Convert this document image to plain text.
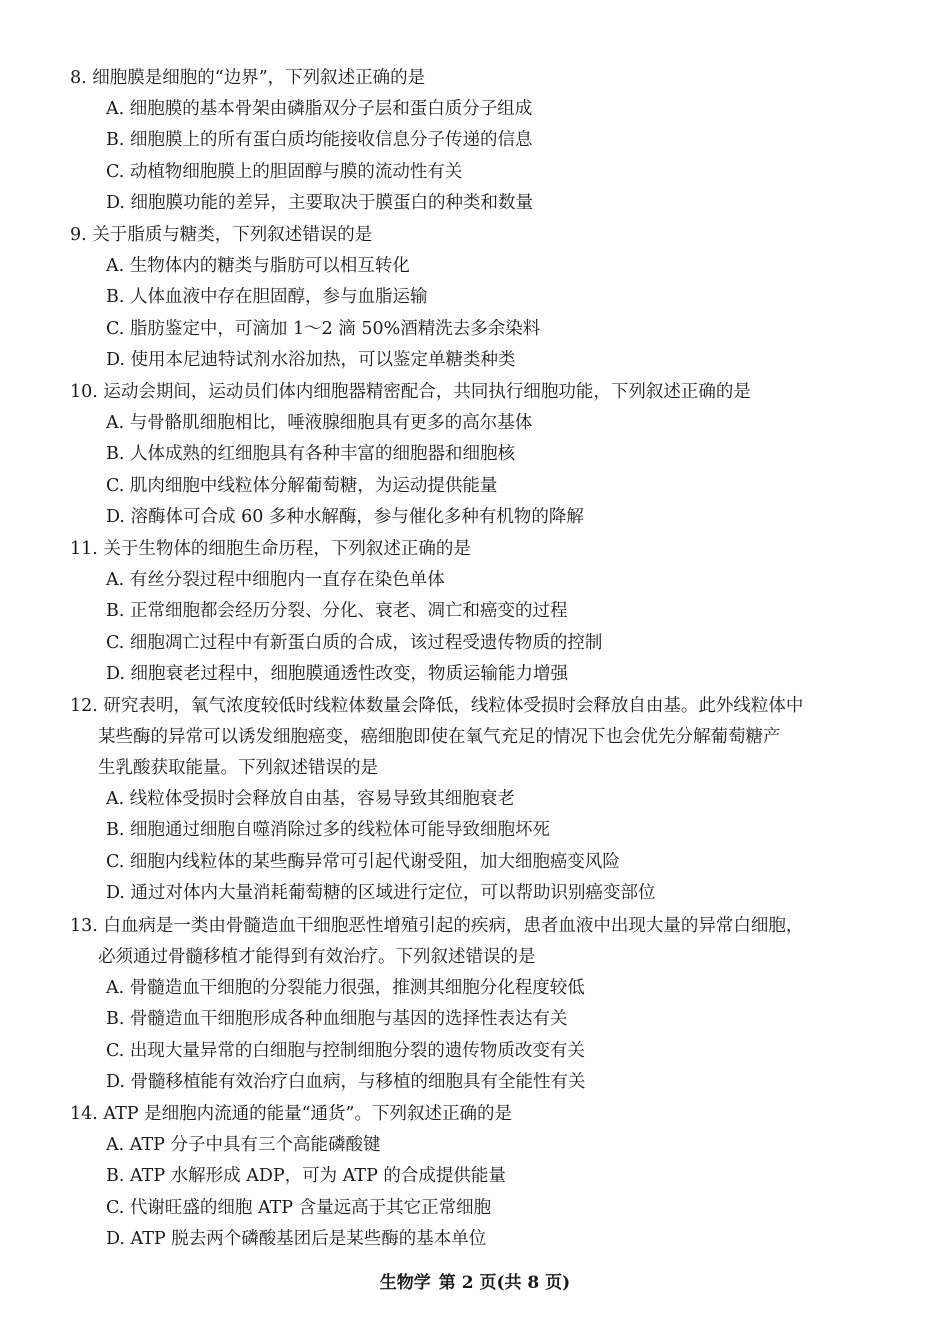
8. 细胞膜是细胞的“边界”，下列叙述正确的是

A. 细胞膜的基本骨架由磷脂双分子层和蛋白质分子组成

B. 细胞膜上的所有蛋白质均能接收信息分子传递的信息

C. 动植物细胞膜上的胆固醇与膜的流动性有关

D. 细胞膜功能的差异，主要取决于膜蛋白的种类和数量

9. 关于脂质与糖类，下列叙述错误的是

A. 生物体内的糖类与脂肪可以相互转化

B. 人体血液中存在胆固醇，参与血脂运输

C. 脂肪鉴定中，可滴加 1～2 滴 50%酒精洗去多余染料

D. 使用本尼迪特试剂水浴加热，可以鉴定单糖类种类

10. 运动会期间，运动员们体内细胞器精密配合，共同执行细胞功能，下列叙述正确的是

A. 与骨骼肌细胞相比，唾液腺细胞具有更多的高尔基体

B. 人体成熟的红细胞具有各种丰富的细胞器和细胞核

C. 肌肉细胞中线粒体分解葡萄糖，为运动提供能量

D. 溶酶体可合成 60 多种水解酶，参与催化多种有机物的降解

11. 关于生物体的细胞生命历程，下列叙述正确的是

A. 有丝分裂过程中细胞内一直存在染色单体

B. 正常细胞都会经历分裂、分化、衰老、凋亡和癌变的过程

C. 细胞凋亡过程中有新蛋白质的合成，该过程受遗传物质的控制

D. 细胞衰老过程中，细胞膜通透性改变，物质运输能力增强

12. 研究表明，氧气浓度较低时线粒体数量会降低，线粒体受损时会释放自由基。此外线粒体中
某些酶的异常可以诱发细胞癌变，癌细胞即使在氧气充足的情况下也会优先分解葡萄糖产
生乳酸获取能量。下列叙述错误的是

A. 线粒体受损时会释放自由基，容易导致其细胞衰老

B. 细胞通过细胞自噬消除过多的线粒体可能导致细胞坏死

C. 细胞内线粒体的某些酶异常可引起代谢受阻，加大细胞癌变风险

D. 通过对体内大量消耗葡萄糖的区域进行定位，可以帮助识别癌变部位

13. 白血病是一类由骨髓造血干细胞恶性增殖引起的疾病，患者血液中出现大量的异常白细胞，
必须通过骨髓移植才能得到有效治疗。下列叙述错误的是

A. 骨髓造血干细胞的分裂能力很强，推测其细胞分化程度较低

B. 骨髓造血干细胞形成各种血细胞与基因的选择性表达有关

C. 出现大量异常的白细胞与控制细胞分裂的遗传物质改变有关

D. 骨髓移植能有效治疗白血病，与移植的细胞具有全能性有关

14. ATP 是细胞内流通的能量“通货”。下列叙述正确的是

A. ATP 分子中具有三个高能磷酸键

B. ATP 水解形成 ADP，可为 ATP 的合成提供能量

C. 代谢旺盛的细胞 ATP 含量远高于其它正常细胞

D. ATP 脱去两个磷酸基团后是某些酶的基本单位

生物学 第 2 页(共 8 页)
